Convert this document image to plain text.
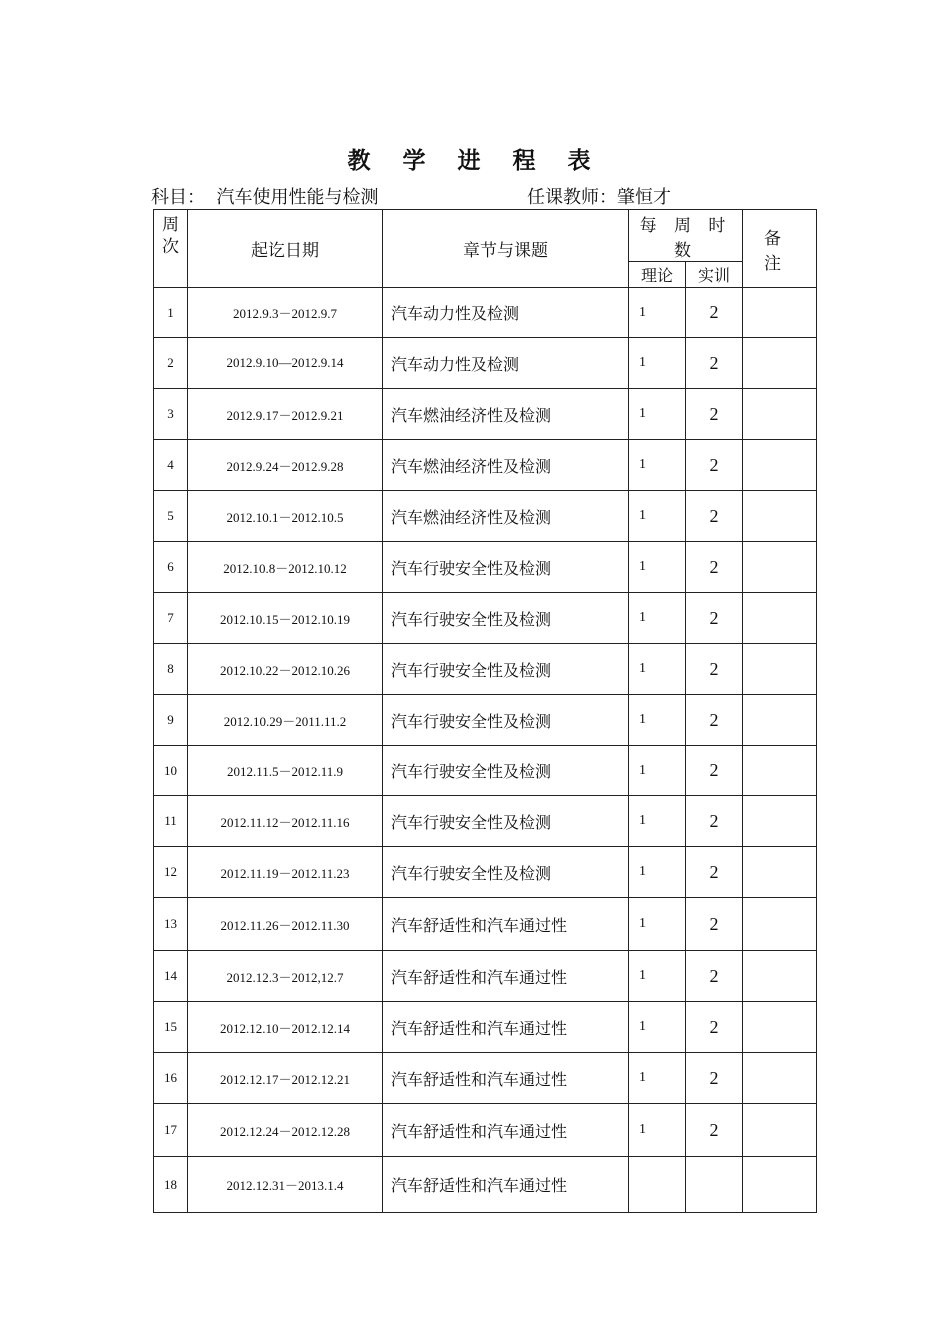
教 学 进 程 表
科目：  汽车使用性能与检测	任课教师：肇恒才
周
次	起讫日期	章节与课题	每 周 时 数		备 注
			理论	实训	
1	2012.9.3－2012.9.7	汽车动力性及检测	1	2	
2	2012.9.10—2012.9.14	汽车动力性及检测	1	2	
3	2012.9.17－2012.9.21	汽车燃油经济性及检测	1	2	
4	2012.9.24－2012.9.28	汽车燃油经济性及检测	1	2	
5	2012.10.1－2012.10.5	汽车燃油经济性及检测	1	2	
6	2012.10.8－2012.10.12	汽车行驶安全性及检测	1	2	
7	2012.10.15－2012.10.19	汽车行驶安全性及检测	1	2	
8	2012.10.22－2012.10.26	汽车行驶安全性及检测	1	2	
9	2012.10.29－2011.11.2	汽车行驶安全性及检测	1	2	
10	2012.11.5－2012.11.9	汽车行驶安全性及检测	1	2	
11	2012.11.12－2012.11.16	汽车行驶安全性及检测	1	2	
12	2012.11.19－2012.11.23	汽车行驶安全性及检测	1	2	
13	2012.11.26－2012.11.30	汽车舒适性和汽车通过性	1	2	
14	2012.12.3－2012,12.7	汽车舒适性和汽车通过性	1	2	
15	2012.12.10－2012.12.14	汽车舒适性和汽车通过性	1	2	
16	2012.12.17－2012.12.21	汽车舒适性和汽车通过性	1	2	
17	2012.12.24－2012.12.28	汽车舒适性和汽车通过性	1	2	
18	2012.12.31－2013.1.4	汽车舒适性和汽车通过性			
